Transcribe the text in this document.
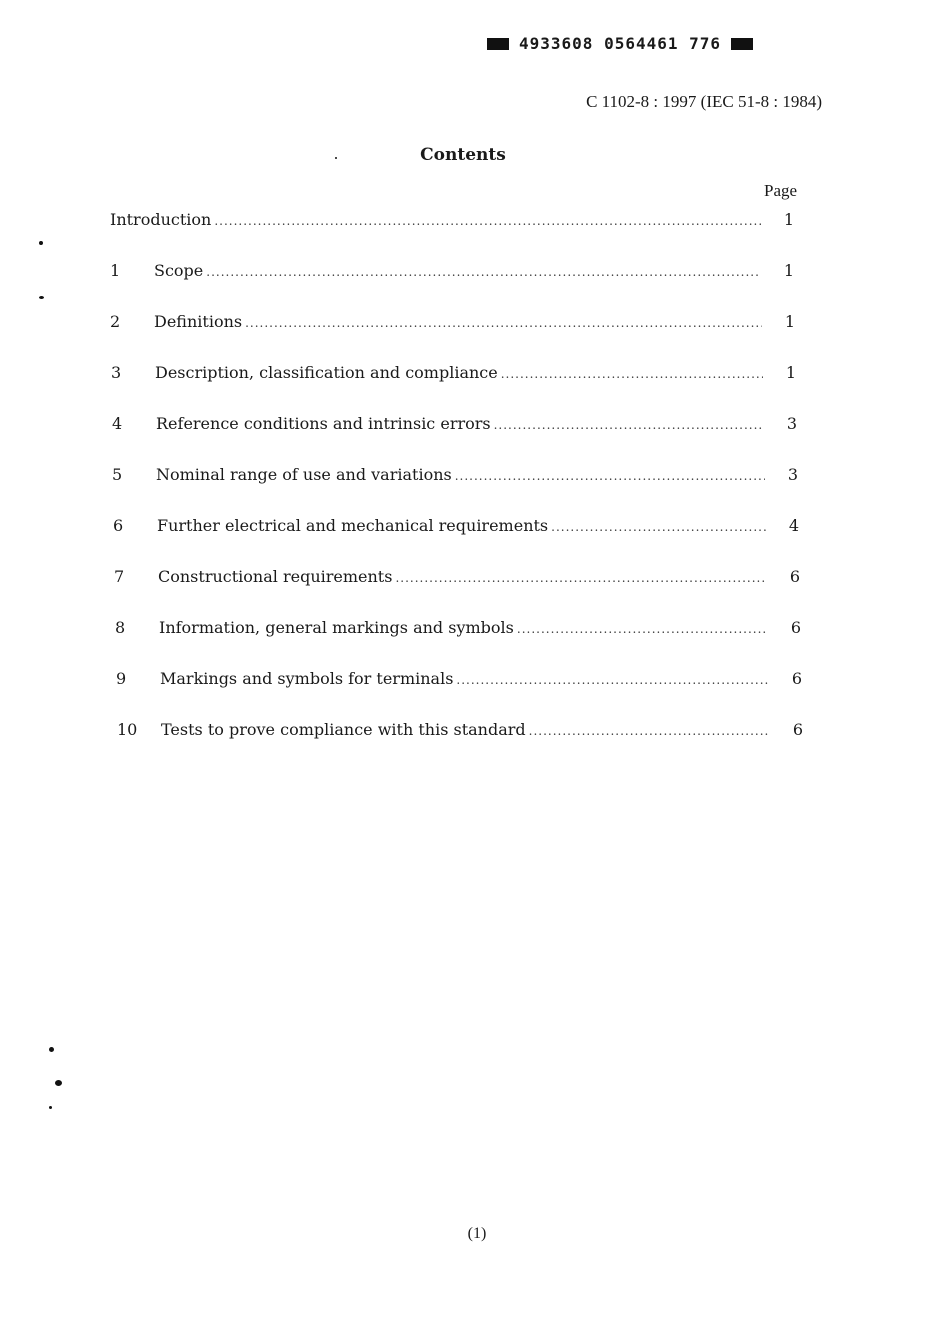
4933608 0564461 776
C 1102-8 : 1997 (IEC 51-8 : 1984)
Contents
Page
Introduction .....	1
1	Scope .....	1
2	Definitions .....	1
3	Description, classification and compliance .....	1
4	Reference conditions and intrinsic errors .....	3
5	Nominal range of use and variations .....	3
6	Further electrical and mechanical requirements .....	4
7	Constructional requirements .....	6
8	Information, general markings and symbols .....	6
9	Markings and symbols for terminals .....	6
10	Tests to prove compliance with this standard .....	6
(1)
